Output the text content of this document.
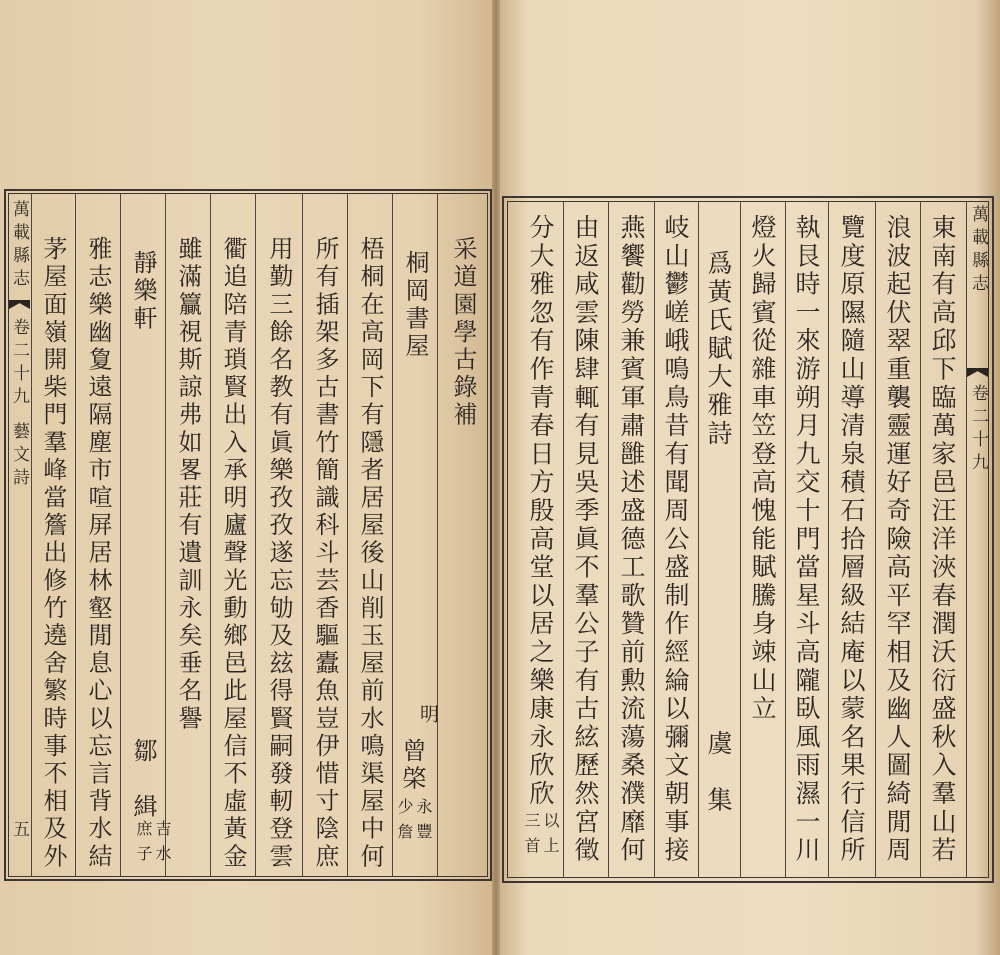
萬載縣志
卷二十九
藝文詩
五
采道園學古錄補
桐岡書屋
明
曾棨
永豐
少詹
梧桐在高岡下有隱者居屋後山削玉屋前水鳴渠屋中何
所有插架多古書竹簡識科斗芸香驅蠹魚豈伊惜寸陰庶
用勤三餘名教有眞樂孜孜遂忘劬及玆得賢嗣發軔登雲
衢追陪青瑣賢出入承明廬聲光動鄉邑此屋信不虛黃金
雖滿籯視斯諒弗如畧莊有遺訓永矣垂名譽
靜樂軒
鄒　緝
吉水
庶子
雅志樂幽夐遠隔塵市喧屏居林壑閒息心以忘言背水結
茅屋面嶺開柴門羣峰當簷出修竹遶舍繁時事不相及外	萬載縣志
卷二十九
東南有高邱下臨萬家邑汪洋浹春潤沃衍盛秋入羣山若
浪波起伏翠重襲靈運好奇險高平罕相及幽人圖綺閒周
覽度原隰隨山導清泉積石拾層級結庵以蒙名果行信所
執艮時一來游朔月九交十門當星斗高隴臥風雨濕一川
燈火歸賓從雜車笠登高愧能賦騰身竦山立
爲黃氏賦大雅詩
虞　集
岐山鬱嵯峨鳴鳥昔有聞周公盛制作經綸以彌文朝事接
燕饗勸勞兼賓軍肅雝述盛德工歌贊前勲流蕩桑濮靡何
由返咸雲陳肆輒有見吳季眞不羣公子有古絃歷然宮徵
分大雅忽有作青春日方殷高堂以居之樂康永欣欣
以上
三首
